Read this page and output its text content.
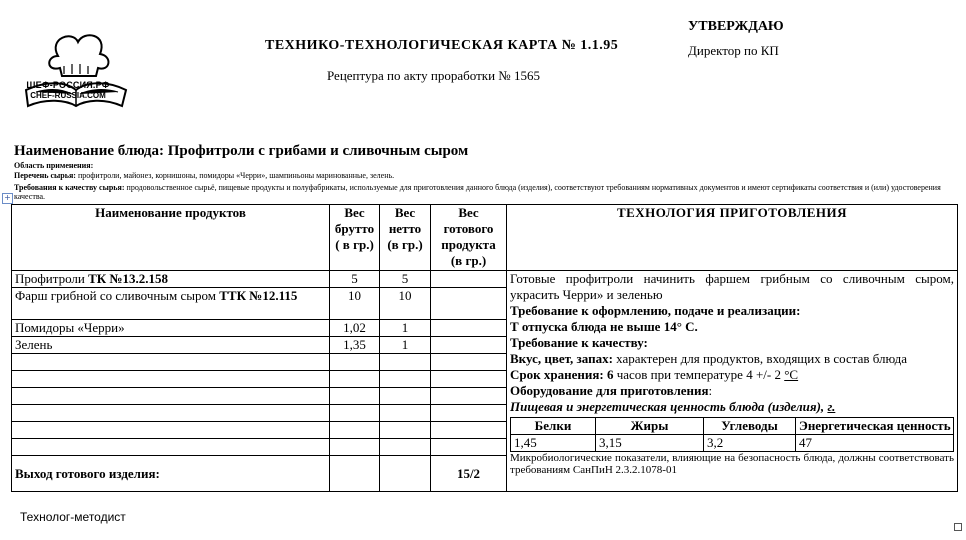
ШЕФ-РОССИЯ.РФ
CHEF-RUSSIA.COM
ТЕХНИКО-ТЕХНОЛОГИЧЕСКАЯ КАРТА № 1.1.95
Рецептура по акту проработки № 1565
УТВЕРЖДАЮ
Директор по КП
Наименование блюда: Профитроли с грибами и сливочным сыром
Область применения:
Перечень сырья: профитроли, майонез, корнишоны, помидоры «Черри», шампиньоны маринованные, зелень.
Требования к качеству сырья: продовольственное сырьё, пищевые продукты и полуфабрикаты, используемые для приготовления данного блюда (изделия), соответствуют требованиям нормативных документов и имеют сертификаты соответствия и (или) удостоверения качества.
+
Наименование продуктов	Вес брутто ( в гр.)	Вес нетто (в гр.)	Вес готового продукта (в гр.)	ТЕХНОЛОГИЯ ПРИГОТОВЛЕНИЯ
Профитроли ТК №13.2.158	5	5		Готовые профитроли начинить фаршем грибным со сливочным сыром, украсить Черри» и зеленью
Требование к оформлению, подаче и реализации:
Т отпуска блюда не выше 14° С.
Требование к качеству:
Вкус, цвет, запах: характерен для продуктов, входящих в состав блюда
Срок хранения: 6 часов при температуре 4 +/- 2 °С
Оборудование для приготовления:
Пищевая и энергетическая ценность блюда (изделия), г.
Белки	Жиры	Углеводы	Энергетическая ценность
1,45	3,15	3,2	47
Микробиологические показатели, влияющие на безопасность блюда, должны соответствовать требованиям СанПиН 2.3.2.1078-01

Фарш грибной со сливочным сыром ТТК №12.115	10	10	
Помидоры «Черри»	1,02	1	
Зелень	1,35	1	

Выход готового изделия:			15/2
Технолог-методист
